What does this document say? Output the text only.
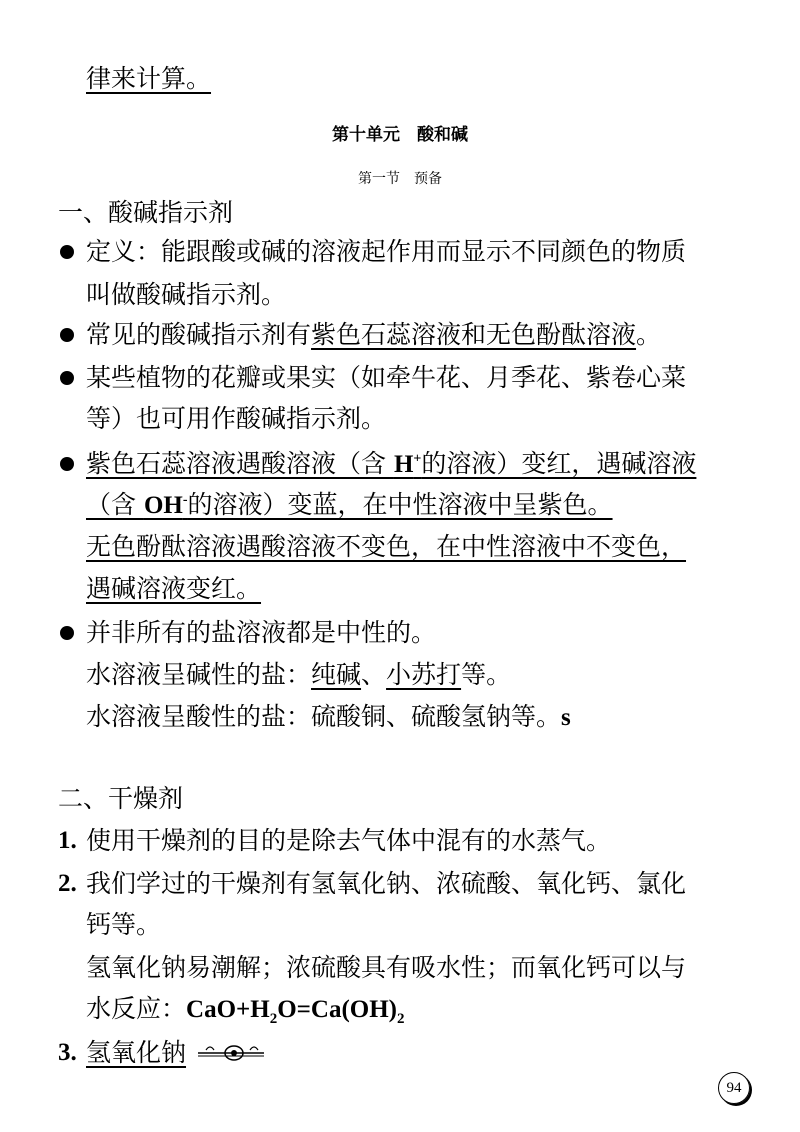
律来计算。
第十单元　酸和碱
第一节　预备
一、酸碱指示剂
定义：能跟酸或碱的溶液起作用而显示不同颜色的物质
叫做酸碱指示剂。
常见的酸碱指示剂有紫色石蕊溶液和无色酚酞溶液。
某些植物的花瓣或果实（如牵牛花、月季花、紫卷心菜
等）也可用作酸碱指示剂。
紫色石蕊溶液遇酸溶液（含 H+的溶液）变红，遇碱溶液
（含 OH-的溶液）变蓝，在中性溶液中呈紫色。
无色酚酞溶液遇酸溶液不变色，在中性溶液中不变色，
遇碱溶液变红。
并非所有的盐溶液都是中性的。
水溶液呈碱性的盐：纯碱、小苏打等。
水溶液呈酸性的盐：硫酸铜、硫酸氢钠等。s
二、干燥剂
1. 使用干燥剂的目的是除去气体中混有的水蒸气。
2. 我们学过的干燥剂有氢氧化钠、浓硫酸、氧化钙、氯化
钙等。
氢氧化钠易潮解；浓硫酸具有吸水性；而氧化钙可以与
水反应：$CaO+H_2O=Ca(OH)_2$
3. 氢氧化钠
94
